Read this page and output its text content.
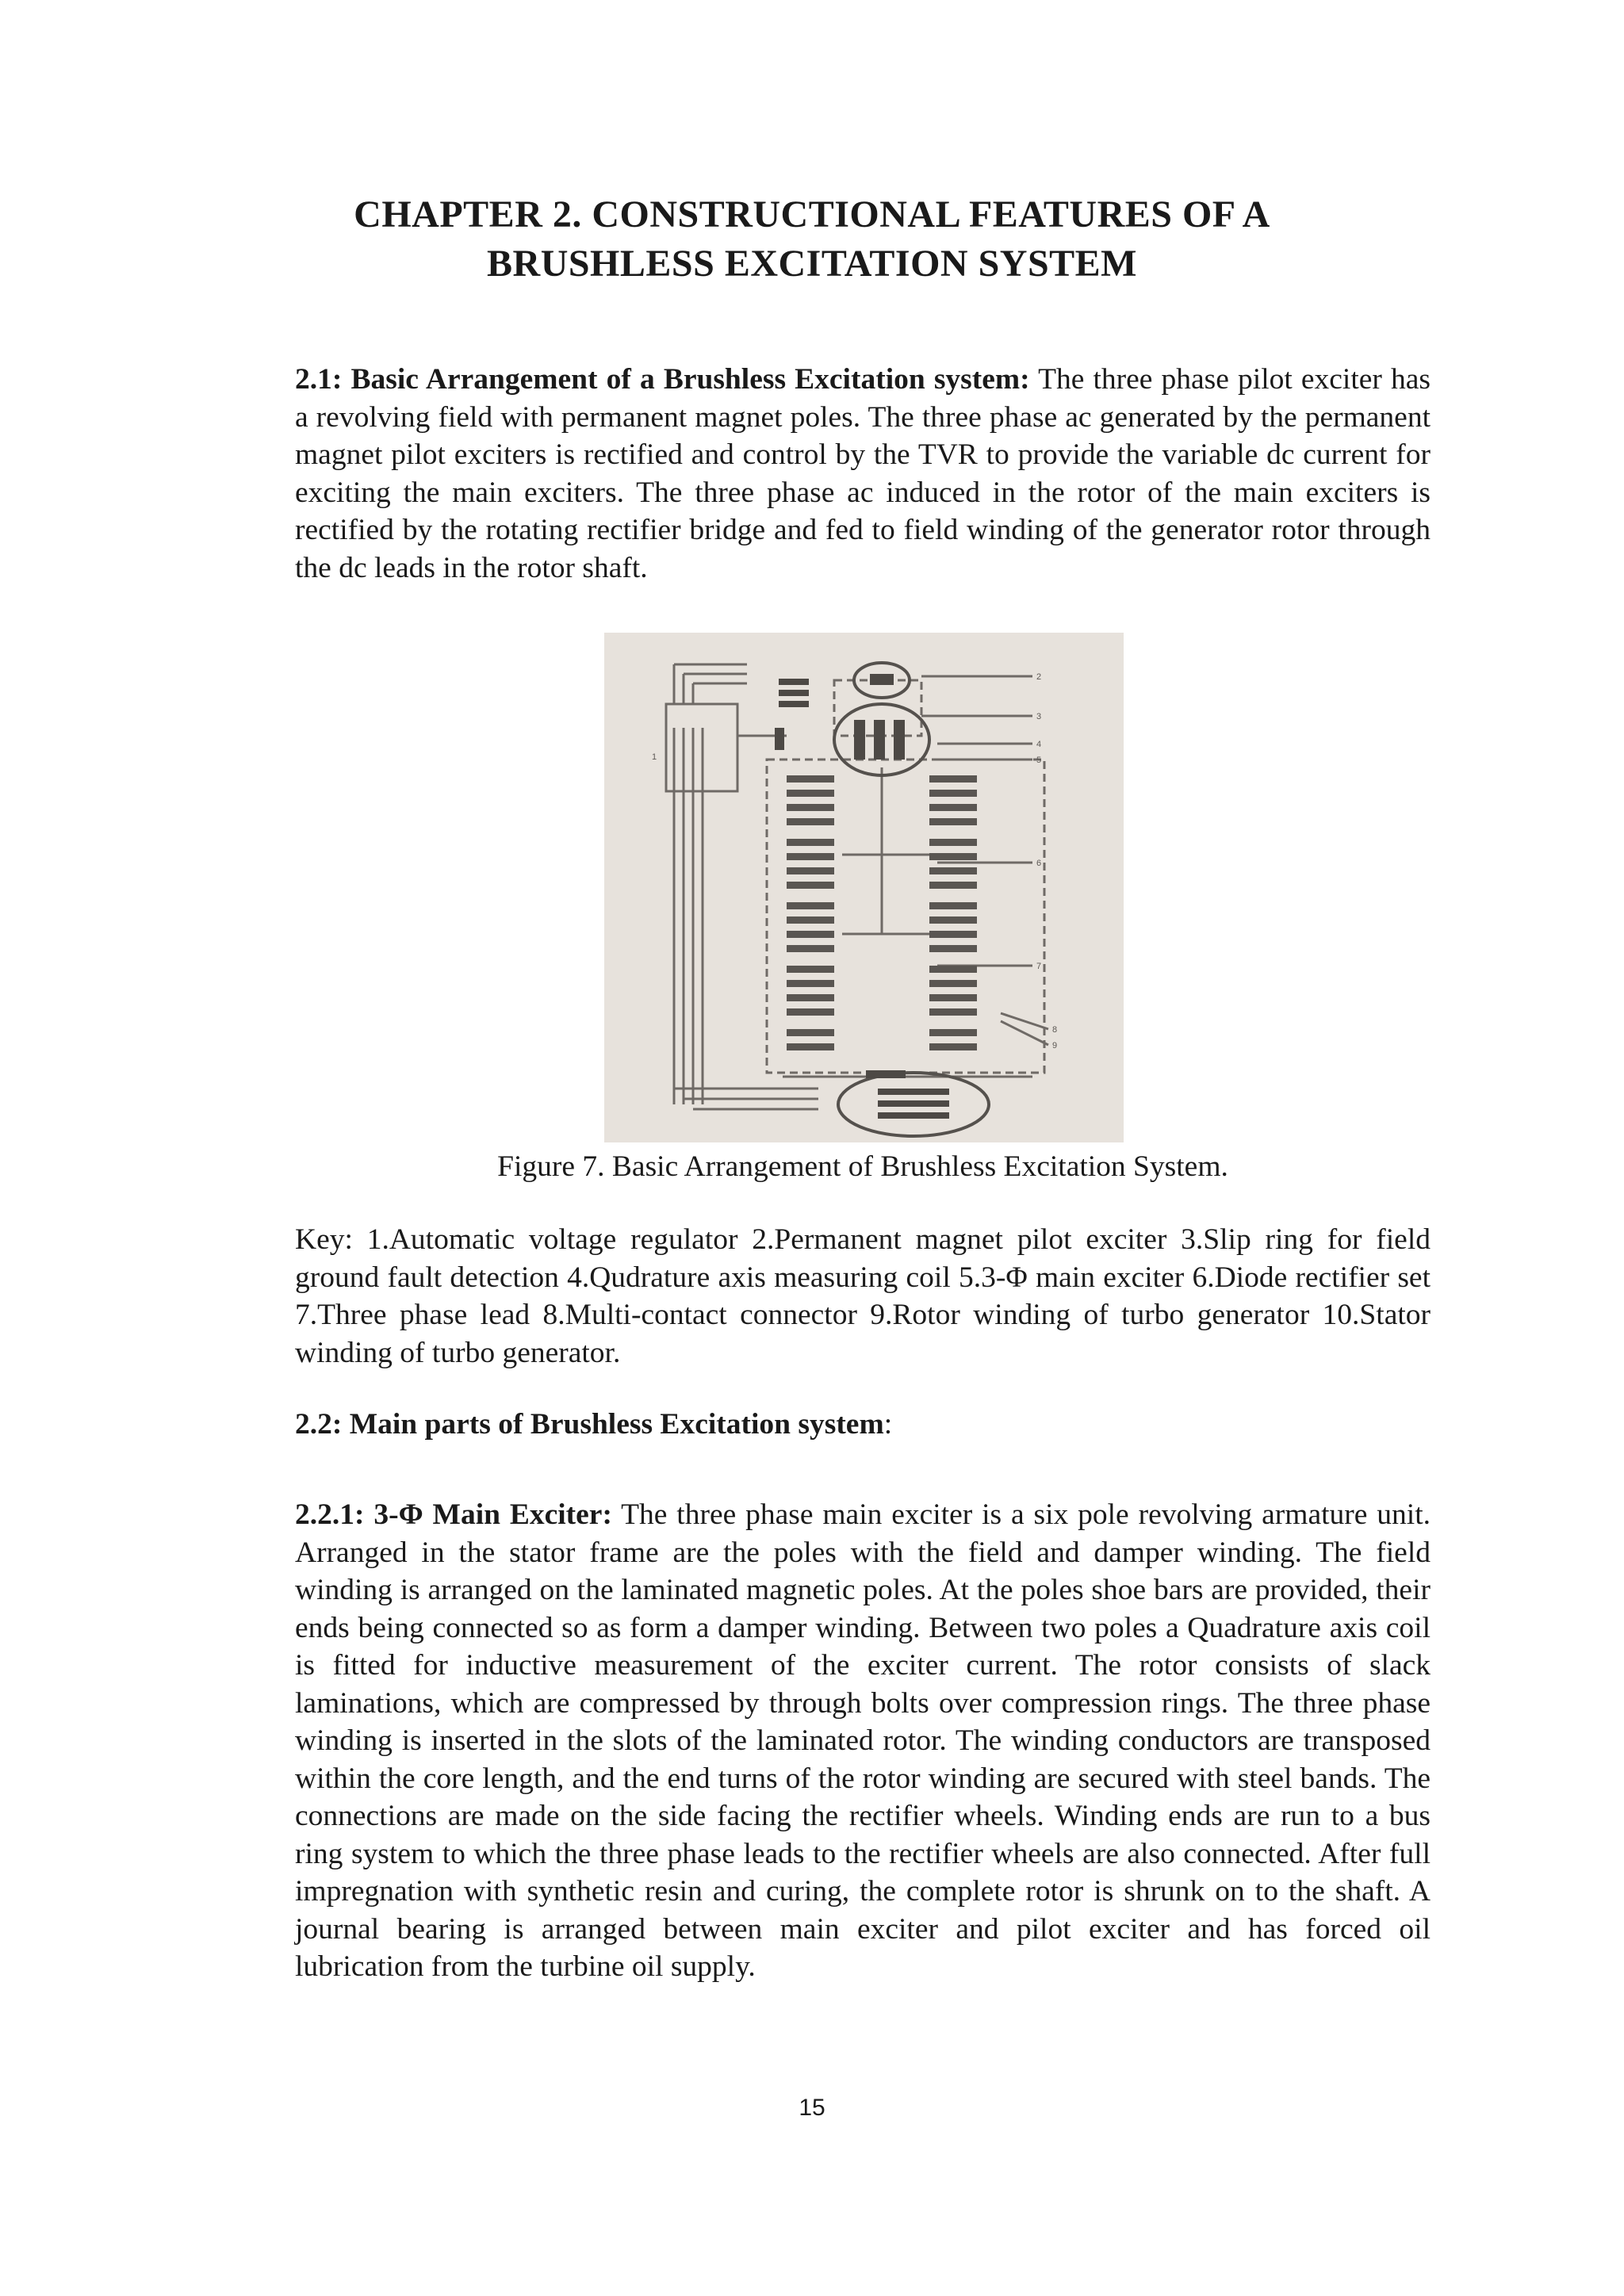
CHAPTER 2. CONSTRUCTIONAL FEATURES OF A
BRUSHLESS EXCITATION SYSTEM

2.1: Basic Arrangement of a Brushless Excitation system: The three phase pilot exciter has a revolving field with permanent magnet poles. The three phase ac generated by the permanent magnet pilot exciters is rectified and control by the TVR to provide the variable dc current for exciting the main exciters. The three phase ac induced in the rotor of the main exciters is rectified by the rotating rectifier bridge and fed to field winding of the generator rotor through the dc leads in the rotor shaft.

1
2
3
4
5
6
7
8
9

Figure 7. Basic Arrangement of Brushless Excitation System.

Key: 1.Automatic voltage regulator 2.Permanent magnet pilot exciter 3.Slip ring for field ground fault detection 4.Qudrature axis measuring coil 5.3-Φ main exciter 6.Diode rectifier set 7.Three phase lead 8.Multi-contact connector 9.Rotor winding of turbo generator 10.Stator winding of turbo generator.

2.2: Main parts of Brushless Excitation system:

2.2.1: 3-Φ Main Exciter: The three phase main exciter is a six pole revolving armature unit. Arranged in the stator frame are the poles with the field and damper winding. The field winding is arranged on the laminated magnetic poles. At the poles shoe bars are provided, their ends being connected so as form a damper winding. Between two poles a Quadrature axis coil is fitted for inductive measurement of the exciter current. The rotor consists of slack laminations, which are compressed by through bolts over compression rings. The three phase winding is inserted in the slots of the laminated rotor. The winding conductors are transposed within the core length, and the end turns of the rotor winding are secured with steel bands. The connections are made on the side facing the rectifier wheels. Winding ends are run to a bus ring system to which the three phase leads to the rectifier wheels are also connected. After full impregnation with synthetic resin and curing, the complete rotor is shrunk on to the shaft. A journal bearing is arranged between main exciter and pilot exciter and has forced oil lubrication from the turbine oil supply.

15
